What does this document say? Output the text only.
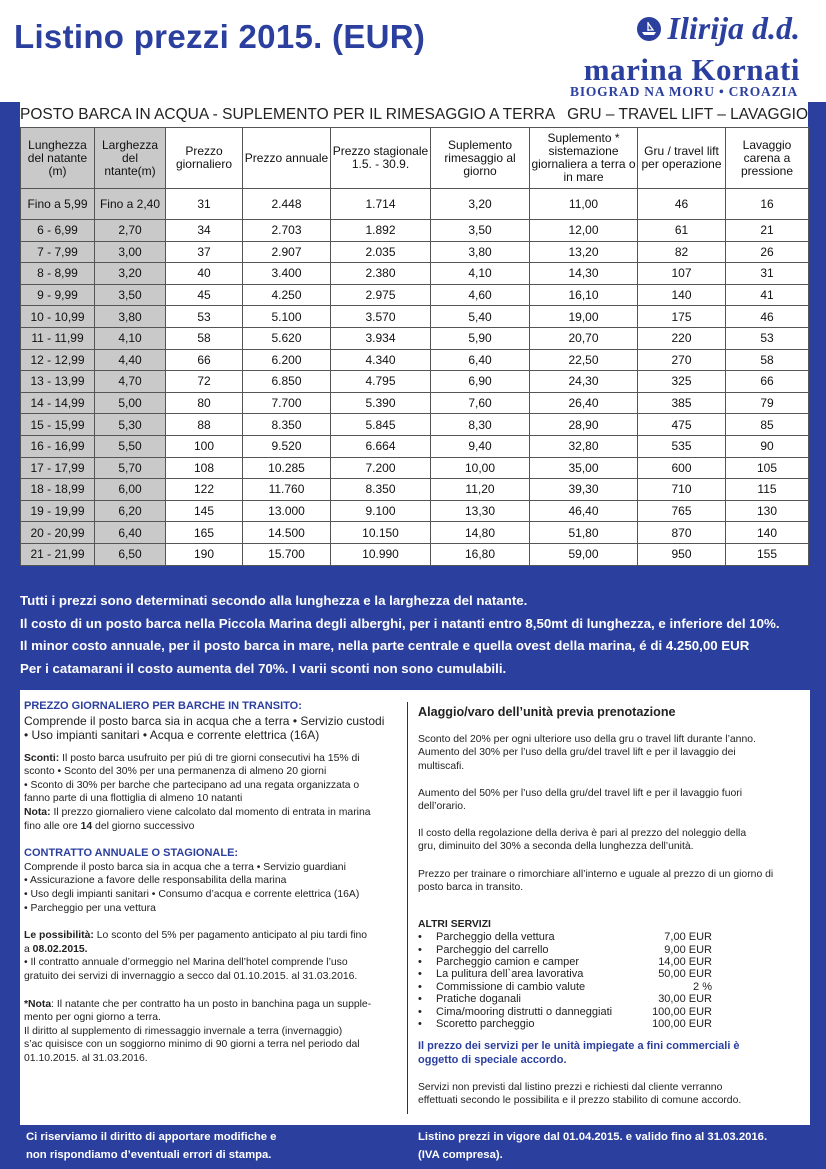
Listino prezzi 2015. (EUR)	Ilirija d.d.
marina Kornati
BIOGRAD NA MORU • CROAZIA
POSTO BARCA IN ACQUA - SUPLEMENTO PER IL RIMESAGGIO A TERRA GRU – TRAVEL LIFT – LAVAGGIO
Lunghezza del natante (m)	Larghezza del ntante(m)	Prezzo giornaliero	Prezzo annuale	Prezzo stagionale 1.5. - 30.9.	Suplemento rimesaggio al giorno	Suplemento * sistemazione giornaliera a terra o in mare	Gru / travel lift per operazione	Lavaggio carena a pressione
Fino a 5,99	Fino a 2,40	31	2.448	1.714	3,20	11,00	46	16
6 - 6,99	2,70	34	2.703	1.892	3,50	12,00	61	21
7 - 7,99	3,00	37	2.907	2.035	3,80	13,20	82	26
8 - 8,99	3,20	40	3.400	2.380	4,10	14,30	107	31
9 - 9,99	3,50	45	4.250	2.975	4,60	16,10	140	41
10 - 10,99	3,80	53	5.100	3.570	5,40	19,00	175	46
11 - 11,99	4,10	58	5.620	3.934	5,90	20,70	220	53
12 - 12,99	4,40	66	6.200	4.340	6,40	22,50	270	58
13 - 13,99	4,70	72	6.850	4.795	6,90	24,30	325	66
14 - 14,99	5,00	80	7.700	5.390	7,60	26,40	385	79
15 - 15,99	5,30	88	8.350	5.845	8,30	28,90	475	85
16 - 16,99	5,50	100	9.520	6.664	9,40	32,80	535	90
17 - 17,99	5,70	108	10.285	7.200	10,00	35,00	600	105
18 - 18,99	6,00	122	11.760	8.350	11,20	39,30	710	115
19 - 19,99	6,20	145	13.000	9.100	13,30	46,40	765	130
20 - 20,99	6,40	165	14.500	10.150	14,80	51,80	870	140
21 - 21,99	6,50	190	15.700	10.990	16,80	59,00	950	155

Tutti i prezzi sono determinati secondo alla lunghezza e la larghezza del natante.

Il costo di un posto barca nella Piccola Marina degli alberghi, per i natanti entro 8,50mt di lunghezza, e inferiore del 10%.

Il minor costo annuale, per il posto barca in mare, nella parte centrale e quella ovest della marina, é di 4.250,00 EUR

Per i catamarani il costo aumenta del 70%. I varii sconti non sono cumulabili.

PREZZO GIORNALIERO PER BARCHE IN TRANSITO:

Comprende il posto barca sia in acqua che a terra • Servizio custodi

• Uso impianti sanitari • Acqua e corrente elettrica (16A)

Sconti: Il posto barca usufruito per piú di tre giorni consecutivi ha 15% di

sconto • Sconto del 30% per una permanenza di almeno 20 giorni

• Sconto di 30% per barche che partecipano ad una regata organizzata o

fanno parte di una flottiglia di almeno 10 natanti

Nota: Il prezzo giornaliero viene calcolato dal momento di entrata in marina

fino alle ore 14 del giorno successivo

CONTRATTO ANNUALE O STAGIONALE:

Comprende il posto barca sia in acqua che a terra • Servizio guardiani

• Assicurazione a favore delle responsabilita della marina

• Uso degli impianti sanitari • Consumo d’acqua e corrente elettrica (16A)

• Parcheggio per una vettura

Le possibilità: Lo sconto del 5% per pagamento anticipato al piu tardi fino

a 08.02.2015.

• Il contratto annuale d’ormeggio nel Marina dell’hotel comprende l’uso

gratuito dei servizi di invernaggio a secco dal 01.10.2015. al 31.03.2016.

*Nota: Il natante che per contratto ha un posto in banchina paga un supple-

mento per ogni giorno a terra.

Il diritto al supplemento di rimessaggio invernale a terra (invernaggio)

s’ac quisisce con un soggiorno minimo di 90 giorni a terra nel periodo dal

01.10.2015. al 31.03.2016.

Alaggio/varo dell’unità previa prenotazione

Sconto del 20% per ogni ulteriore uso della gru o travel lift durante l’anno.

Aumento del 30% per l’uso della gru/del travel lift e per il lavaggio dei

multiscafi.

Aumento del 50% per l’uso della gru/del travel lift e per il lavaggio fuori

dell’orario.

Il costo della regolazione della deriva è pari al prezzo del noleggio della

gru, diminuito del 30% a seconda della lunghezza dell’unità.

Prezzo per trainare o rimorchiare all’interno e uguale al prezzo di un giorno di

posto barca in transito.

ALTRI SERVIZI

•	Parcheggio della vettura	7,00 EUR
•	Parcheggio del carrello	9,00 EUR
•	Parcheggio camion e camper	14,00 EUR
•	La pulitura dell`area lavorativa	50,00 EUR
•	Commissione di cambio valute	2 %
•	Pratiche doganali	30,00 EUR
•	Cima/mooring distrutti o danneggiati	100,00 EUR
•	Scoretto parcheggio	100,00 EUR

Il prezzo dei servizi per le unità impiegate a fini commerciali è

oggetto di speciale accordo.

Servizi non previsti dal listino prezzi e richiesti dal cliente verranno

effettuati secondo le possibilita e il prezzo stabilito di comune accordo.

Ci riserviamo il diritto di apportare modifiche e
non rispondiamo d’eventuali errori di stampa.
Listino prezzi in vigore dal 01.04.2015. e valido fino al 31.03.2016.
(IVA compresa).
